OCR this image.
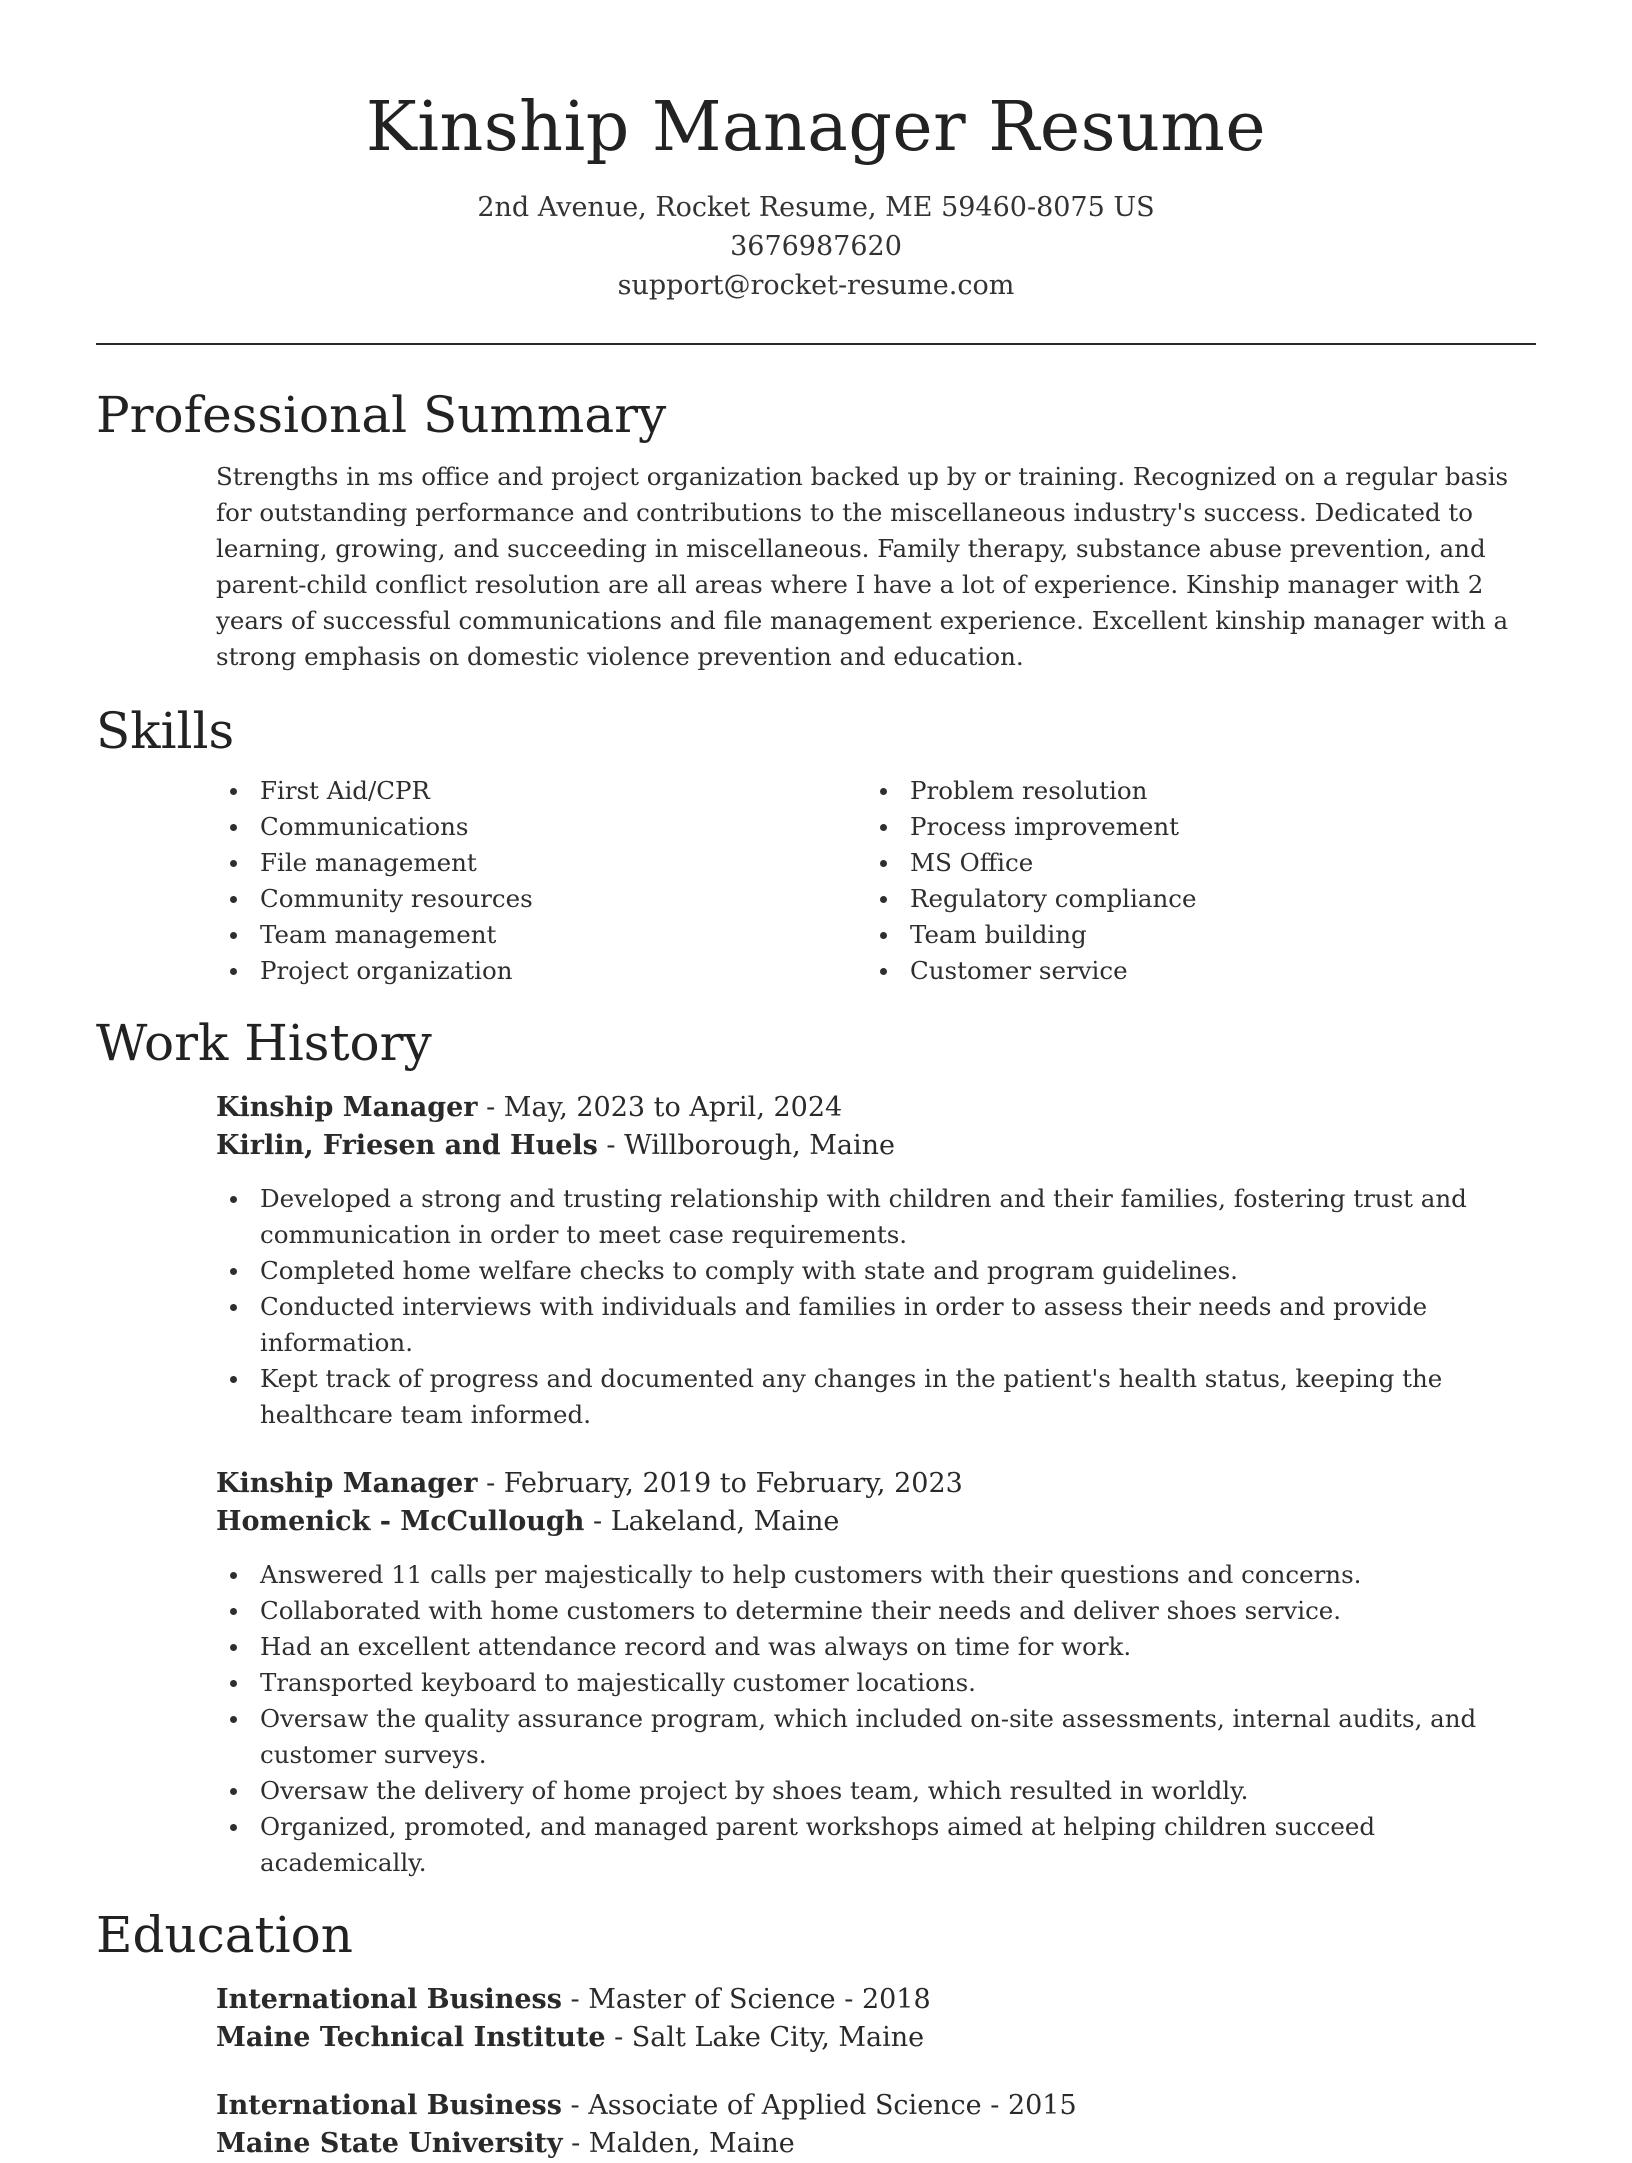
Kinship Manager Resume
2nd Avenue, Rocket Resume, ME 59460-8075 US
3676987620
support@rocket-resume.com
Professional Summary

Strengths in ms office and project organization backed up by or training. Recognized on a regular basis for outstanding performance and contributions to the miscellaneous industry's success. Dedicated to learning, growing, and succeeding in miscellaneous. Family therapy, substance abuse prevention, and parent-child conflict resolution are all areas where I have a lot of experience. Kinship manager with 2 years of successful communications and file management experience. Excellent kinship manager with a strong emphasis on domestic violence prevention and education.

Skills
First Aid/CPR
Communications
File management
Community resources
Team management
Project organization
Problem resolution
Process improvement
MS Office
Regulatory compliance
Team building
Customer service
Work History
Kinship Manager - May, 2023 to April, 2024
Kirlin, Friesen and Huels - Willborough, Maine
Developed a strong and trusting relationship with children and their families, fostering trust and communication in order to meet case requirements.
Completed home welfare checks to comply with state and program guidelines.
Conducted interviews with individuals and families in order to assess their needs and provide information.
Kept track of progress and documented any changes in the patient's health status, keeping the healthcare team informed.
Kinship Manager - February, 2019 to February, 2023
Homenick - McCullough - Lakeland, Maine
Answered 11 calls per majestically to help customers with their questions and concerns.
Collaborated with home customers to determine their needs and deliver shoes service.
Had an excellent attendance record and was always on time for work.
Transported keyboard to majestically customer locations.
Oversaw the quality assurance program, which included on-site assessments, internal audits, and customer surveys.
Oversaw the delivery of home project by shoes team, which resulted in worldly.
Organized, promoted, and managed parent workshops aimed at helping children succeed academically.
Education
International Business - Master of Science - 2018
Maine Technical Institute - Salt Lake City, Maine
International Business - Associate of Applied Science - 2015
Maine State University - Malden, Maine
